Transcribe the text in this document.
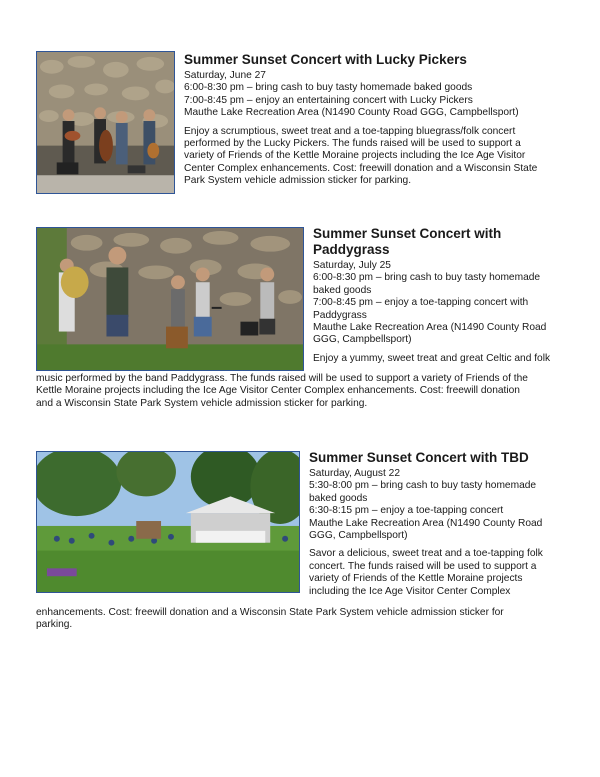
Summer Sunset Concert with Lucky Pickers

Saturday, June 27

6:00-8:30 pm – bring cash to buy tasty homemade baked goods

7:00-8:45 pm – enjoy an entertaining concert with Lucky Pickers

Mauthe Lake Recreation Area (N1490 County Road GGG, Campbellsport)

Enjoy a scrumptious, sweet treat and a toe-tapping bluegrass/folk concert

performed by the Lucky Pickers. The funds raised will be used to support a

variety of Friends of the Kettle Moraine projects including the Ice Age Visitor

Center Complex enhancements. Cost: freewill donation and a Wisconsin State

Park System vehicle admission sticker for parking.

Summer Sunset Concert with

Paddygrass

Saturday, July 25

6:00-8:30 pm – bring cash to buy tasty homemade

baked goods

7:00-8:45 pm – enjoy a toe-tapping concert with

Paddygrass

Mauthe Lake Recreation Area (N1490 County Road

GGG, Campbellsport)

Enjoy a yummy, sweet treat and great Celtic and folk

music performed by the band Paddygrass. The funds raised will be used to support a variety of Friends of the

Kettle Moraine projects including the Ice Age Visitor Center Complex enhancements. Cost: freewill donation

and a Wisconsin State Park System vehicle admission sticker for parking.

Summer Sunset Concert with TBD

Saturday, August 22

5:30-8:00 pm – bring cash to buy tasty homemade

baked goods

6:30-8:15 pm – enjoy a toe-tapping concert

Mauthe Lake Recreation Area (N1490 County Road

GGG, Campbellsport)

Savor a delicious, sweet treat and a toe-tapping folk

concert. The funds raised will be used to support a

variety of Friends of the Kettle Moraine projects

including the Ice Age Visitor Center Complex

enhancements. Cost: freewill donation and a Wisconsin State Park System vehicle admission sticker for

parking.
